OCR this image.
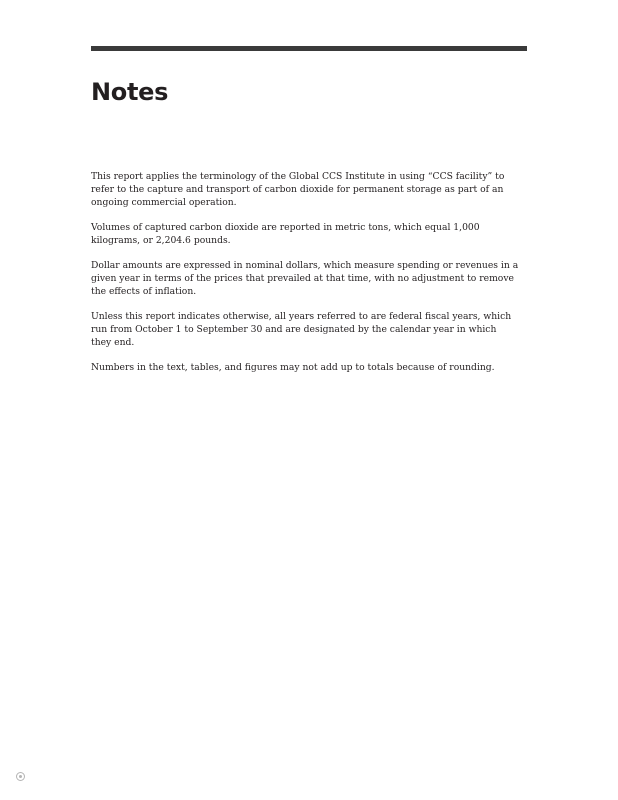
Notes

This report applies the terminology of the Global CCS Institute in using “CCS facility” to refer to the capture and transport of carbon dioxide for permanent storage as part of an ongoing commercial operation.

Volumes of captured carbon dioxide are reported in metric tons, which equal 1,000 kilograms, or 2,204.6 pounds.

Dollar amounts are expressed in nominal dollars, which measure spending or revenues in a given year in terms of the prices that prevailed at that time, with no adjustment to remove the effects of inflation.

Unless this report indicates otherwise, all years referred to are federal fiscal years, which run from October 1 to September 30 and are designated by the calendar year in which they end.

Numbers in the text, tables, and figures may not add up to totals because of rounding.
